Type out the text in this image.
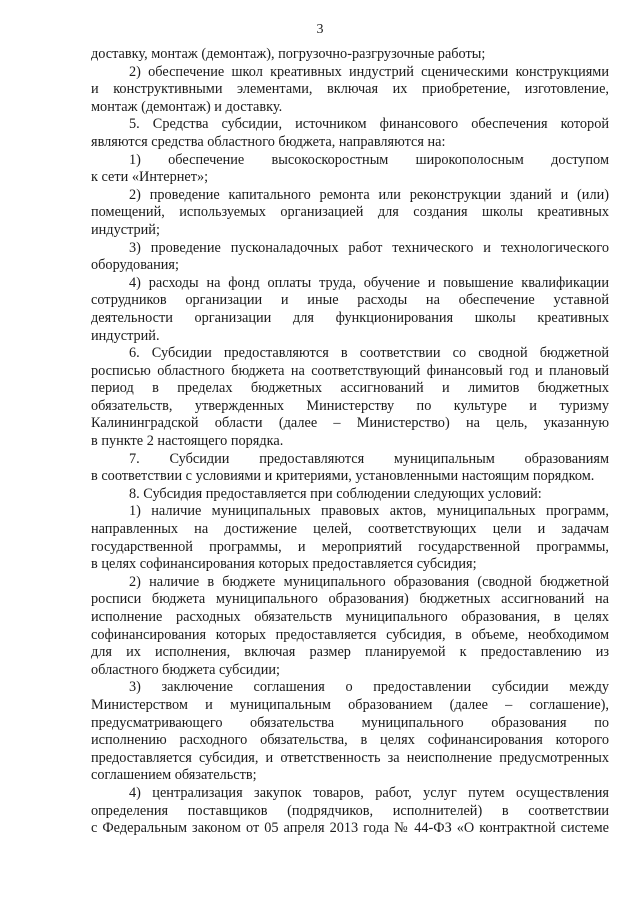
3
доставку, монтаж (демонтаж), погрузочно-разгрузочные работы;
2) обеспечение школ креативных индустрий сценическими конструкциями
и конструктивными элементами, включая их приобретение, изготовление,
монтаж (демонтаж) и доставку.
5. Средства субсидии, источником финансового обеспечения которой
являются средства областного бюджета, направляются на:
1) обеспечение высокоскоростным широкополосным доступом
к сети «Интернет»;
2) проведение капитального ремонта или реконструкции зданий и (или)
помещений, используемых организацией для создания школы креативных
индустрий;
3) проведение пусконаладочных работ технического и технологического
оборудования;
4) расходы на фонд оплаты труда, обучение и повышение квалификации
сотрудников организации и иные расходы на обеспечение уставной
деятельности организации для функционирования школы креативных
индустрий.
6. Субсидии предоставляются в соответствии со сводной бюджетной
росписью областного бюджета на соответствующий финансовый год и плановый
период в пределах бюджетных ассигнований и лимитов бюджетных
обязательств, утвержденных Министерству по культуре и туризму
Калининградской области (далее – Министерство) на цель, указанную
в пункте 2 настоящего порядка.
7. Субсидии предоставляются муниципальным образованиям
в соответствии с условиями и критериями, установленными настоящим порядком.
8. Субсидия предоставляется при соблюдении следующих условий:
1) наличие муниципальных правовых актов, муниципальных программ,
направленных на достижение целей, соответствующих цели и задачам
государственной программы, и мероприятий государственной программы,
в целях софинансирования которых предоставляется субсидия;
2) наличие в бюджете муниципального образования (сводной бюджетной
росписи бюджета муниципального образования) бюджетных ассигнований на
исполнение расходных обязательств муниципального образования, в целях
софинансирования которых предоставляется субсидия, в объеме, необходимом
для их исполнения, включая размер планируемой к предоставлению из
областного бюджета субсидии;
3) заключение соглашения о предоставлении субсидии между
Министерством и муниципальным образованием (далее – соглашение),
предусматривающего обязательства муниципального образования по
исполнению расходного обязательства, в целях софинансирования которого
предоставляется субсидия, и ответственность за неисполнение предусмотренных
соглашением обязательств;
4) централизация закупок товаров, работ, услуг путем осуществления
определения поставщиков (подрядчиков, исполнителей) в соответствии
с Федеральным законом от 05 апреля 2013 года № 44-ФЗ «О контрактной системе
